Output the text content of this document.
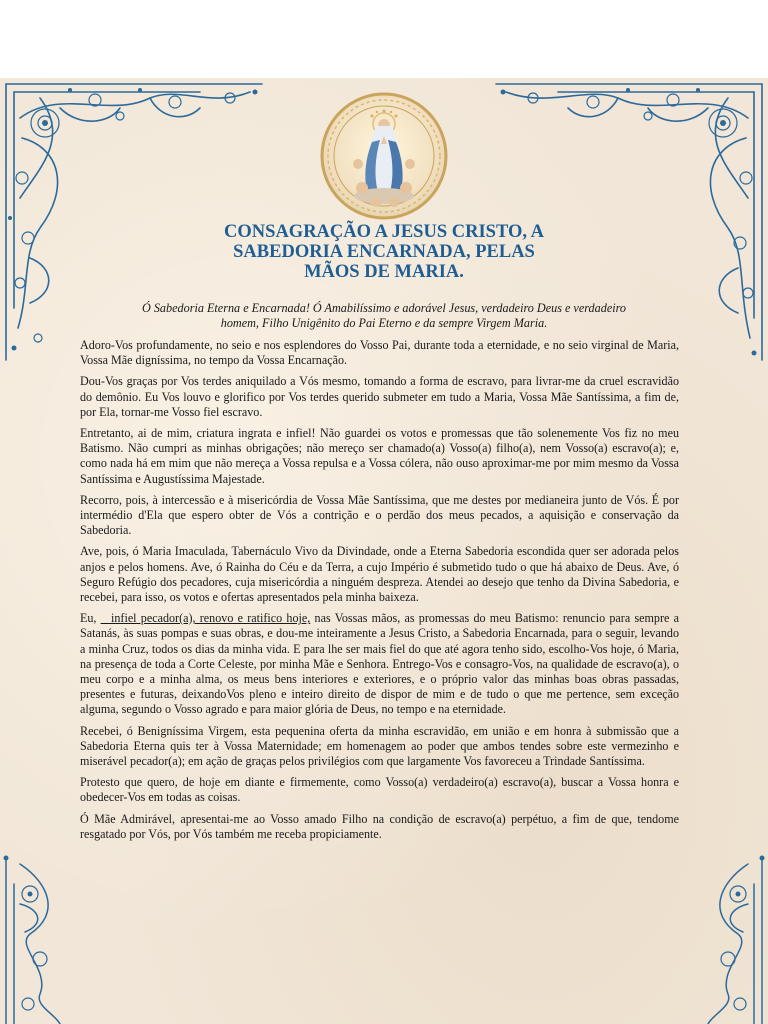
CONSAGRAÇÃO A JESUS CRISTO, A
SABEDORIA ENCARNADA, PELAS
MÃOS DE MARIA.

Ó Sabedoria Eterna e Encarnada! Ó Amabilíssimo e adorável Jesus, verdadeiro Deus e verdadeiro
homem, Filho Unigênito do Pai Eterno e da sempre Virgem Maria.

Adoro-Vos profundamente, no seio e nos esplendores do Vosso Pai, durante toda a eternidade, e no seio virginal de Maria, Vossa Mãe digníssima, no tempo da Vossa Encarnação.

Dou-Vos graças por Vos terdes aniquilado a Vós mesmo, tomando a forma de escravo, para livrar-me da cruel escravidão do demônio. Eu Vos louvo e glorifico por Vos terdes querido submeter em tudo a Maria, Vossa Mãe Santíssima, a fim de, por Ela, tornar-me Vosso fiel escravo.

Entretanto, ai de mim, criatura ingrata e infiel! Não guardei os votos e promessas que tão solenemente Vos fiz no meu Batismo. Não cumpri as minhas obrigações; não mereço ser chamado(a) Vosso(a) filho(a), nem Vosso(a) escravo(a); e, como nada há em mim que não mereça a Vossa repulsa e a Vossa cólera, não ouso aproximar-me por mim mesmo da Vossa Santíssima e Augustíssima Majestade.

Recorro, pois, à intercessão e à misericórdia de Vossa Mãe Santíssima, que me destes por medianeira junto de Vós. É por intermédio d'Ela que espero obter de Vós a contrição e o perdão dos meus pecados, a aquisição e conservação da Sabedoria.

Ave, pois, ó Maria Imaculada, Tabernáculo Vivo da Divindade, onde a Eterna Sabedoria escondida quer ser adorada pelos anjos e pelos homens. Ave, ó Rainha do Céu e da Terra, a cujo Império é submetido tudo o que há abaixo de Deus. Ave, ó Seguro Refúgio dos pecadores, cuja misericórdia a ninguém despreza. Atendei ao desejo que tenho da Divina Sabedoria, e recebei, para isso, os votos e ofertas apresentados pela minha baixeza.

Eu, _ infiel pecador(a), renovo e ratifico hoje, nas Vossas mãos, as promessas do meu Batismo: renuncio para sempre a Satanás, às suas pompas e suas obras, e dou-me inteiramente a Jesus Cristo, a Sabedoria Encarnada, para o seguir, levando a minha Cruz, todos os dias da minha vida. E para lhe ser mais fiel do que até agora tenho sido, escolho-Vos hoje, ó Maria, na presença de toda a Corte Celeste, por minha Mãe e Senhora. Entrego-Vos e consagro-Vos, na qualidade de escravo(a), o meu corpo e a minha alma, os meus bens interiores e exteriores, e o próprio valor das minhas boas obras passadas, presentes e futuras, deixandoVos pleno e inteiro direito de dispor de mim e de tudo o que me pertence, sem exceção alguma, segundo o Vosso agrado e para maior glória de Deus, no tempo e na eternidade.

Recebei, ó Benigníssima Virgem, esta pequenina oferta da minha escravidão, em união e em honra à submissão que a Sabedoria Eterna quis ter à Vossa Maternidade; em homenagem ao poder que ambos tendes sobre este vermezinho e miserável pecador(a); em ação de graças pelos privilégios com que largamente Vos favoreceu a Trindade Santíssima.

Protesto que quero, de hoje em diante e firmemente, como Vosso(a) verdadeiro(a) escravo(a), buscar a Vossa honra e obedecer-Vos em todas as coisas.

Ó Mãe Admirável, apresentai-me ao Vosso amado Filho na condição de escravo(a) perpétuo, a fim de que, tendome resgatado por Vós, por Vós também me receba propiciamente.
